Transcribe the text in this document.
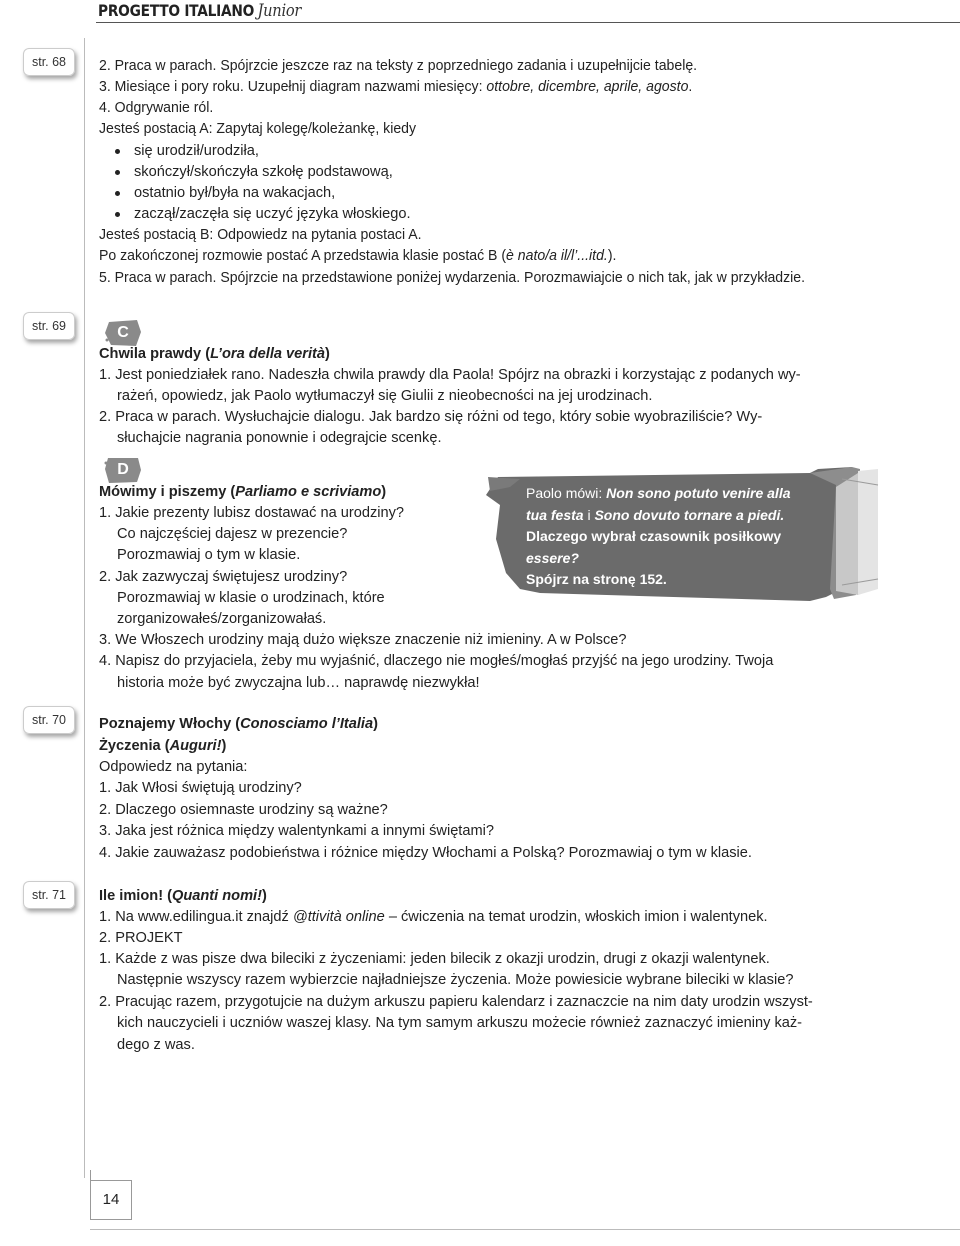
PROGETTO ITALIANO Junior
str. 68
str. 69
str. 70
str. 71
2. Praca w parach. Spójrzcie jeszcze raz na teksty z poprzedniego zadania i uzupełnijcie tabelę.
3. Miesiące i pory roku. Uzupełnij diagram nazwami miesięcy: ottobre, dicembre, aprile, agosto.
4. Odgrywanie ról.
Jesteś postacią A: Zapytaj kolegę/koleżankę, kiedy
się urodził/urodziła,
skończył/skończyła szkołę podstawową,
ostatnio był/była na wakacjach,
zaczął/zaczęła się uczyć języka włoskiego.
Jesteś postacią B: Odpowiedz na pytania postaci A.
Po zakończonej rozmowie postać A przedstawia klasie postać B (è nato/a il/l’...itd.).
5. Praca w parach. Spójrzcie na przedstawione poniżej wydarzenia. Porozmawiajcie o nich tak, jak w przykładzie.
C
Chwila prawdy (L’ora della verità)
1. Jest poniedziałek rano. Nadeszła chwila prawdy dla Paola! Spójrz na obrazki i korzystając z podanych wy-
rażeń, opowiedz, jak Paolo wytłumaczył się Giulii z nieobecności na jej urodzinach.
2. Praca w parach. Wysłuchajcie dialogu. Jak bardzo się różni od tego, który sobie wyobraziliście? Wy-
słuchajcie nagrania ponownie i odegrajcie scenkę.
D
Mówimy i piszemy (Parliamo e scriviamo)
1. Jakie prezenty lubisz dostawać na urodziny?
Co najczęściej dajesz w prezencie?
Porozmawiaj o tym w klasie.
2. Jak zazwyczaj świętujesz urodziny?
Porozmawiaj w klasie o urodzinach, które
zorganizowałeś/zorganizowałaś.
3. We Włoszech urodziny mają dużo większe znaczenie niż imieniny. A w Polsce?
4. Napisz do przyjaciela, żeby mu wyjaśnić, dlaczego nie mogłeś/mogłaś przyjść na jego urodziny. Twoja
historia może być zwyczajna lub… naprawdę niezwykła!
Paolo mówi: Non sono potuto venire alla
tua festa i Sono dovuto tornare a piedi.
Dlaczego wybrał czasownik posiłkowy
essere?
Spójrz na stronę 152.
Poznajemy Włochy (Conosciamo l’Italia)
Życzenia (Auguri!)
Odpowiedz na pytania:
1. Jak Włosi świętują urodziny?
2. Dlaczego osiemnaste urodziny są ważne?
3. Jaka jest różnica między walentynkami a innymi świętami?
4. Jakie zauważasz podobieństwa i różnice między Włochami a Polską? Porozmawiaj o tym w klasie.
Ile imion! (Quanti nomi!)
1. Na www.edilingua.it znajdź @ttività online – ćwiczenia na temat urodzin, włoskich imion i walentynek.
2. PROJEKT
1. Każde z was pisze dwa bileciki z życzeniami: jeden bilecik z okazji urodzin, drugi z okazji walentynek.
Następnie wszyscy razem wybierzcie najładniejsze życzenia. Może powiesicie wybrane bileciki w klasie?
2. Pracując razem, przygotujcie na dużym arkuszu papieru kalendarz i zaznaczcie na nim daty urodzin wszyst-
kich nauczycieli i uczniów waszej klasy. Na tym samym arkuszu możecie również zaznaczyć imieniny każ-
dego z was.
14
